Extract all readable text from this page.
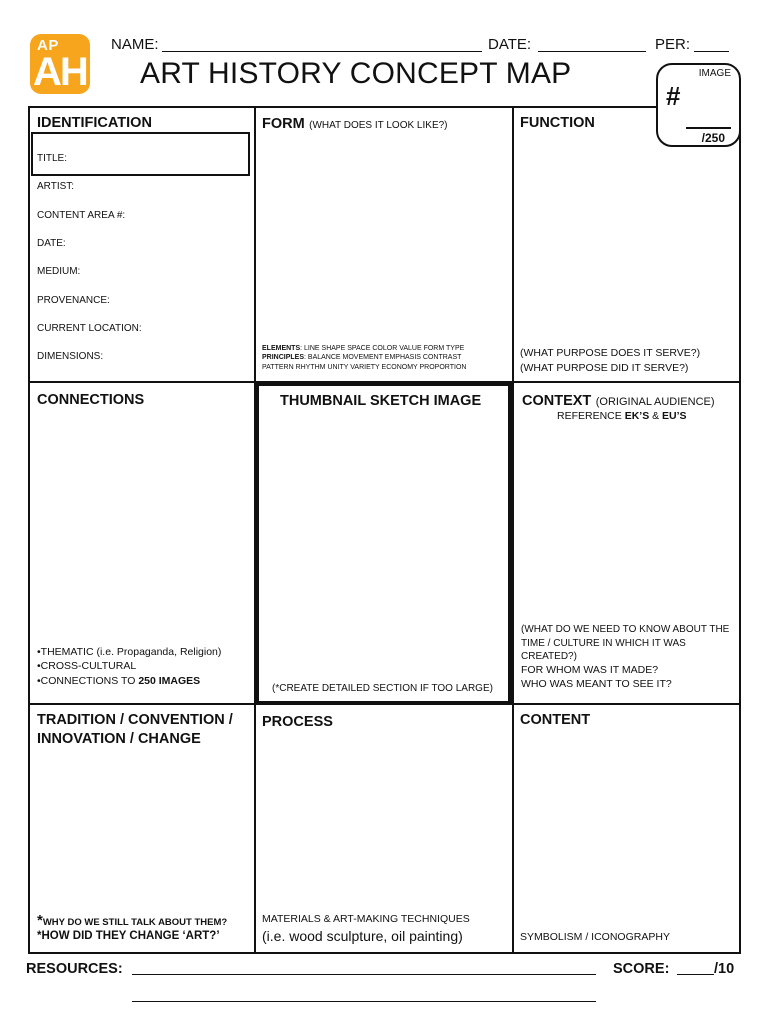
AP
AH
NAME:	DATE:	PER:
ART HISTORY CONCEPT MAP	IMAGE
#
/250
IDENTIFICATION
TITLE:
ARTIST:
CONTENT AREA #:
DATE:
MEDIUM:
PROVENANCE:
CURRENT LOCATION:
DIMENSIONS:
FORM (WHAT DOES IT LOOK LIKE?)
ELEMENTS: LINE SHAPE SPACE COLOR VALUE FORM TYPE
PRINCIPLES: BALANCE MOVEMENT EMPHASIS CONTRAST
PATTERN RHYTHM UNITY VARIETY ECONOMY PROPORTION
FUNCTION
(WHAT PURPOSE DOES IT SERVE?)
(WHAT PURPOSE DID IT SERVE?)
CONNECTIONS
•THEMATIC (i.e. Propaganda, Religion)
•CROSS-CULTURAL
•CONNECTIONS TO 250 IMAGES
THUMBNAIL SKETCH IMAGE
(*CREATE DETAILED SECTION IF TOO LARGE)
CONTEXT (ORIGINAL AUDIENCE)
REFERENCE EK’S & EU’S
(WHAT DO WE NEED TO KNOW ABOUT THE
TIME / CULTURE IN WHICH IT WAS
CREATED?)
FOR WHOM WAS IT MADE?
WHO WAS MEANT TO SEE IT?
TRADITION / CONVENTION /
INNOVATION / CHANGE
*WHY DO WE STILL TALK ABOUT THEM?
*HOW DID THEY CHANGE ‘ART?’
PROCESS
MATERIALS & ART-MAKING TECHNIQUES
(i.e. wood sculpture, oil painting)
CONTENT
SYMBOLISM / ICONOGRAPHY
RESOURCES:	SCORE:	/10
